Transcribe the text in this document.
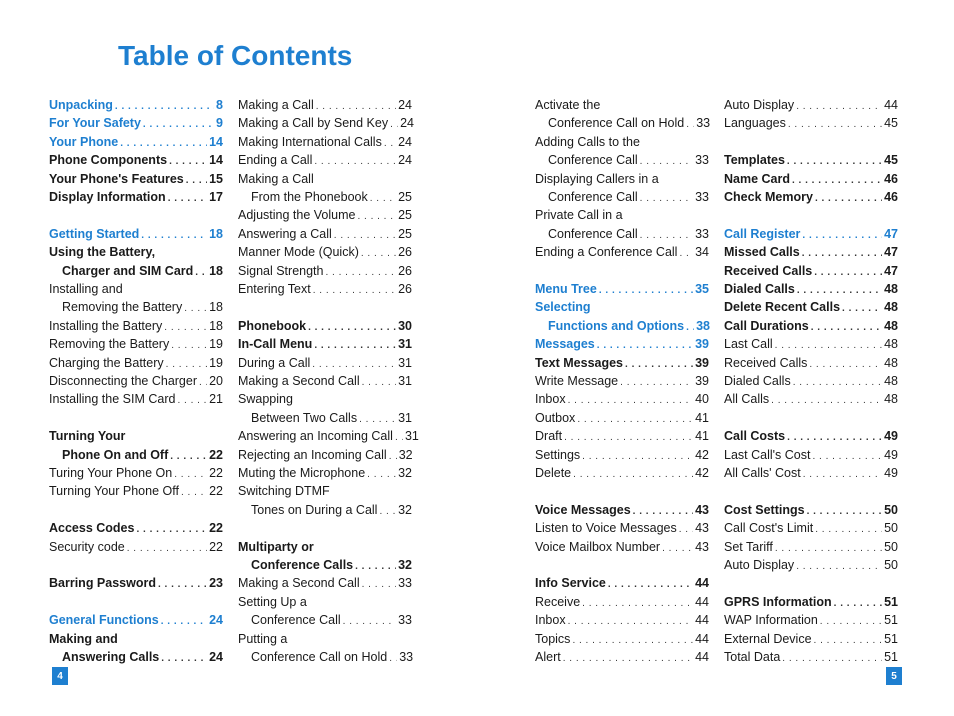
Table of Contents
Unpacking . . .	8
For Your Safety . . .	9
Your Phone . . .	14
Phone Components . . .	14
Your Phone's Features . . . 15
Display Information . . .	17
Getting Started . . .	18
Using the Battery,
Charger and SIM Card . . . 18
Installing and
Removing the Battery . . . 18
Installing the Battery . . .	18
Removing the Battery . . .	19
Charging the Battery . . .	19
Disconnecting the Charger . . . 20
Installing the SIM Card . . .	21
Turning Your
Phone On and Off . . .	22
Turing Your Phone On . . .	22
Turning Your Phone Off . . . 22
Access Codes . . .	22
Security code . . .	22
Barring Password . . .	23
General Functions . . .	24
Making and
Answering Calls . . .	24
Making a Call . . .	24
Making a Call by Send Key . . . 24
Making International Calls . . . 24
Ending a Call . . .	24
Making a Call
From the Phonebook . . . 25
Adjusting the Volume . . .	25
Answering a Call . . .	25
Manner Mode (Quick) . . .	26
Signal Strength . . .	26
Entering Text . . .	26
Phonebook . . .	30
In-Call Menu . . .	31
During a Call . . .	31
Making a Second Call . . .	31
Swapping
Between Two Calls . . .	31
Answering an Incoming Call . . . 31
Rejecting an Incoming Call . . . 32
Muting the Microphone . . .	32
Switching DTMF
Tones on During a Call . . . 32
Multiparty or
Conference Calls . . .	32
Making a Second Call . . .	33
Setting Up a
Conference Call . . .	33
Putting a
Conference Call on Hold . . . 33
Activate the
Conference Call on Hold . . . 33
Adding Calls to the
Conference Call . . .	33
Displaying Callers in a
Conference Call . . .	33
Private Call in a
Conference Call . . .	33
Ending a Conference Call . . . 34
Menu Tree . . .	35
Selecting
Functions and Options . . . 38
Messages . . .	39
Text Messages . . .	39
Write Message . . .	39
Inbox . . .	40
Outbox . . .	41
Draft . . .	41
Settings . . .	42
Delete . . .	42
Voice Messages . . .	43
Listen to Voice Messages . . . 43
Voice Mailbox Number . . .	43
Info Service . . .	44
Receive . . .	44
Inbox . . .	44
Topics . . .	44
Alert . . .	44
Auto Display . . .	44
Languages . . .	45
Templates . . .	45
Name Card . . .	46
Check Memory . . .	46
Call Register . . .	47
Missed Calls . . .	47
Received Calls . . .	47
Dialed Calls . . .	48
Delete Recent Calls . . .	48
Call Durations . . .	48
Last Call . . .	48
Received Calls . . .	48
Dialed Calls . . .	48
All Calls . . .	48
Call Costs . . .	49
Last Call's Cost . . .	49
All Calls' Cost . . .	49
Cost Settings . . .	50
Call Cost's Limit . . .	50
Set Tariff . . .	50
Auto Display . . .	50
GPRS Information . . .	51
WAP Information . . .	51
External Device . . .	51
Total Data . . .	51
4	5
